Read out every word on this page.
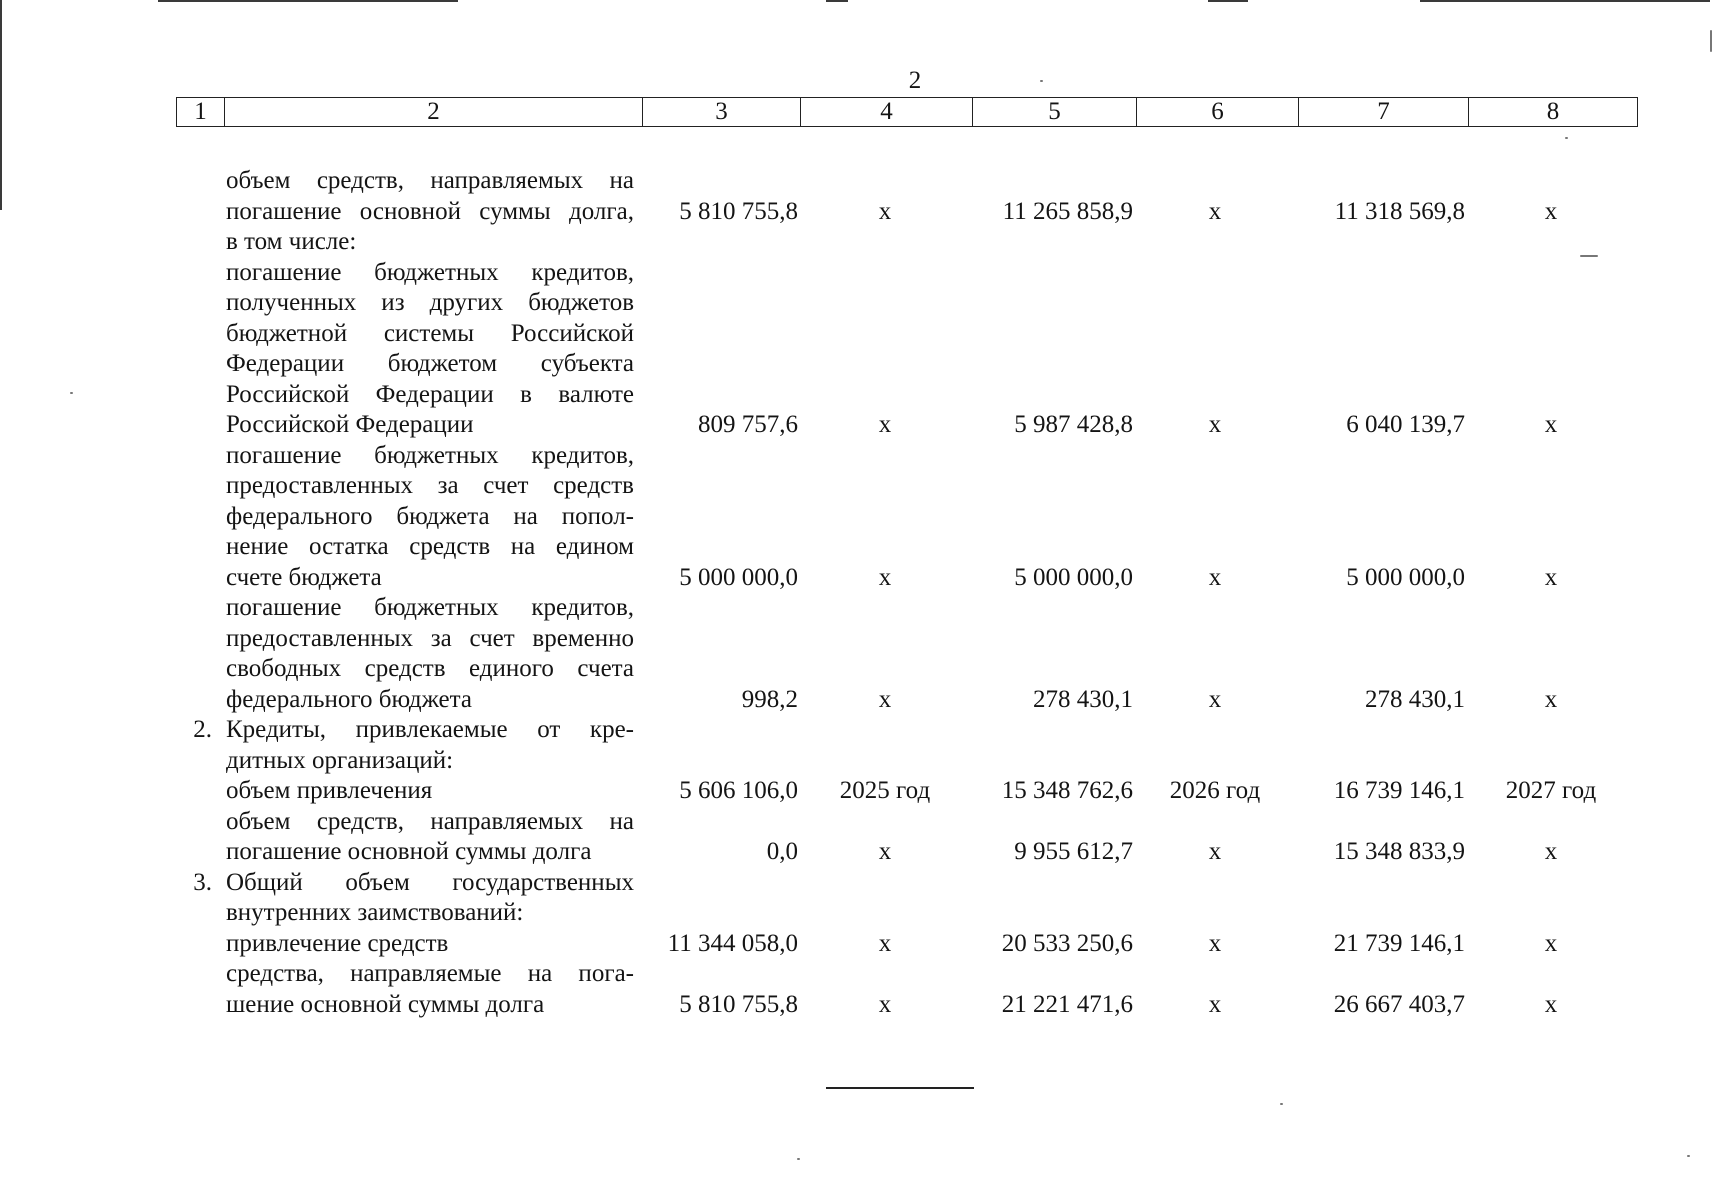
2
1	2	3	4	5	6	7	8
объем средств, направляемых на
погашение основной суммы долга,
в том числе:
5 810 755,8	x	11 265 858,9	x	11 318 569,8	x
погашение бюджетных кредитов,
полученных из других бюджетов
бюджетной системы Российской
Федерации бюджетом субъекта
Российской Федерации в валюте
Российской Федерации	809 757,6	x	5 987 428,8	x	6 040 139,7	x
погашение бюджетных кредитов,
предоставленных за счет средств
федерального бюджета на попол-
нение остатка средств на едином
счете бюджета	5 000 000,0	x	5 000 000,0	x	5 000 000,0	x
погашение бюджетных кредитов,
предоставленных за счет временно
свободных средств единого счета
федерального бюджета	998,2	x	278 430,1	x	278 430,1	x
2. Кредиты, привлекаемые от кре-
дитных организаций:
объем привлечения	5 606 106,0	2025 год	15 348 762,6	2026 год	16 739 146,1	2027 год
объем средств, направляемых на
погашение основной суммы долга	0,0	x	9 955 612,7	x	15 348 833,9	x
3. Общий объем государственных
внутренних заимствований:
привлечение средств	11 344 058,0	x	20 533 250,6	x	21 739 146,1	x
средства, направляемые на пога-
шение основной суммы долга	5 810 755,8	x	21 221 471,6	x	26 667 403,7	x
